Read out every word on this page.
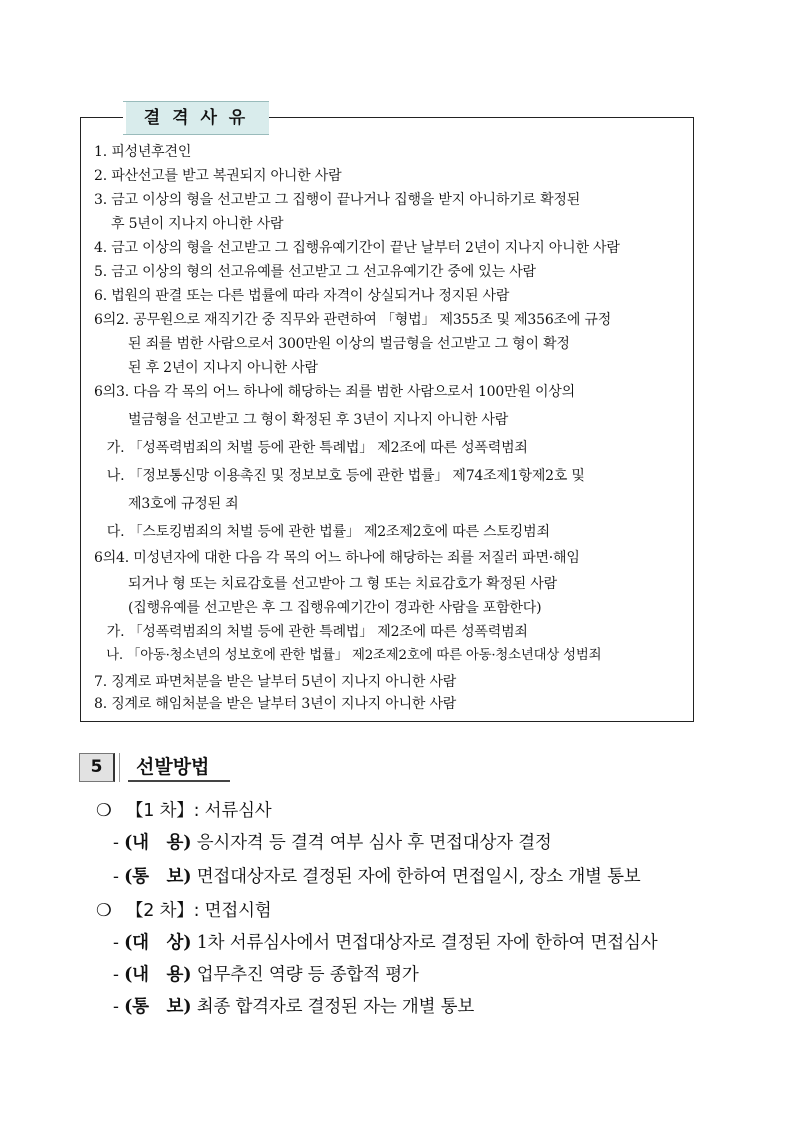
결 격 사 유
1. 피성년후견인
2. 파산선고를 받고 복권되지 아니한 사람
3. 금고 이상의 형을 선고받고 그 집행이 끝나거나 집행을 받지 아니하기로 확정된
후 5년이 지나지 아니한 사람
4. 금고 이상의 형을 선고받고 그 집행유예기간이 끝난 날부터 2년이 지나지 아니한 사람
5. 금고 이상의 형의 선고유예를 선고받고 그 선고유예기간 중에 있는 사람
6. 법원의 판결 또는 다른 법률에 따라 자격이 상실되거나 정지된 사람
6의2. 공무원으로 재직기간 중 직무와 관련하여 「형법」 제355조 및 제356조에 규정
된 죄를 범한 사람으로서 300만원 이상의 벌금형을 선고받고 그 형이 확정
된 후 2년이 지나지 아니한 사람
6의3. 다음 각 목의 어느 하나에 해당하는 죄를 범한 사람으로서 100만원 이상의
벌금형을 선고받고 그 형이 확정된 후 3년이 지나지 아니한 사람
가. 「성폭력범죄의 처벌 등에 관한 특례법」 제2조에 따른 성폭력범죄
나. 「정보통신망 이용촉진 및 정보보호 등에 관한 법률」 제74조제1항제2호 및
제3호에 규정된 죄
다. 「스토킹범죄의 처벌 등에 관한 법률」 제2조제2호에 따른 스토킹범죄
6의4. 미성년자에 대한 다음 각 목의 어느 하나에 해당하는 죄를 저질러 파면·해임
되거나 형 또는 치료감호를 선고받아 그 형 또는 치료감호가 확정된 사람
(집행유예를 선고받은 후 그 집행유예기간이 경과한 사람을 포함한다)
가. 「성폭력범죄의 처벌 등에 관한 특례법」 제2조에 따른 성폭력범죄
나. 「아동·청소년의 성보호에 관한 법률」 제2조제2호에 따른 아동·청소년대상 성범죄
7. 징계로 파면처분을 받은 날부터 5년이 지나지 아니한 사람
8. 징계로 해임처분을 받은 날부터 3년이 지나지 아니한 사람
5	선발방법
❍ 【1 차】: 서류심사
- (내   용) 응시자격 등 결격 여부 심사 후 면접대상자 결정
- (통   보) 면접대상자로 결정된 자에 한하여 면접일시, 장소 개별 통보
❍ 【2 차】: 면접시험
- (대   상) 1차 서류심사에서 면접대상자로 결정된 자에 한하여 면접심사
- (내   용) 업무추진 역량 등 종합적 평가
- (통   보) 최종 합격자로 결정된 자는 개별 통보
